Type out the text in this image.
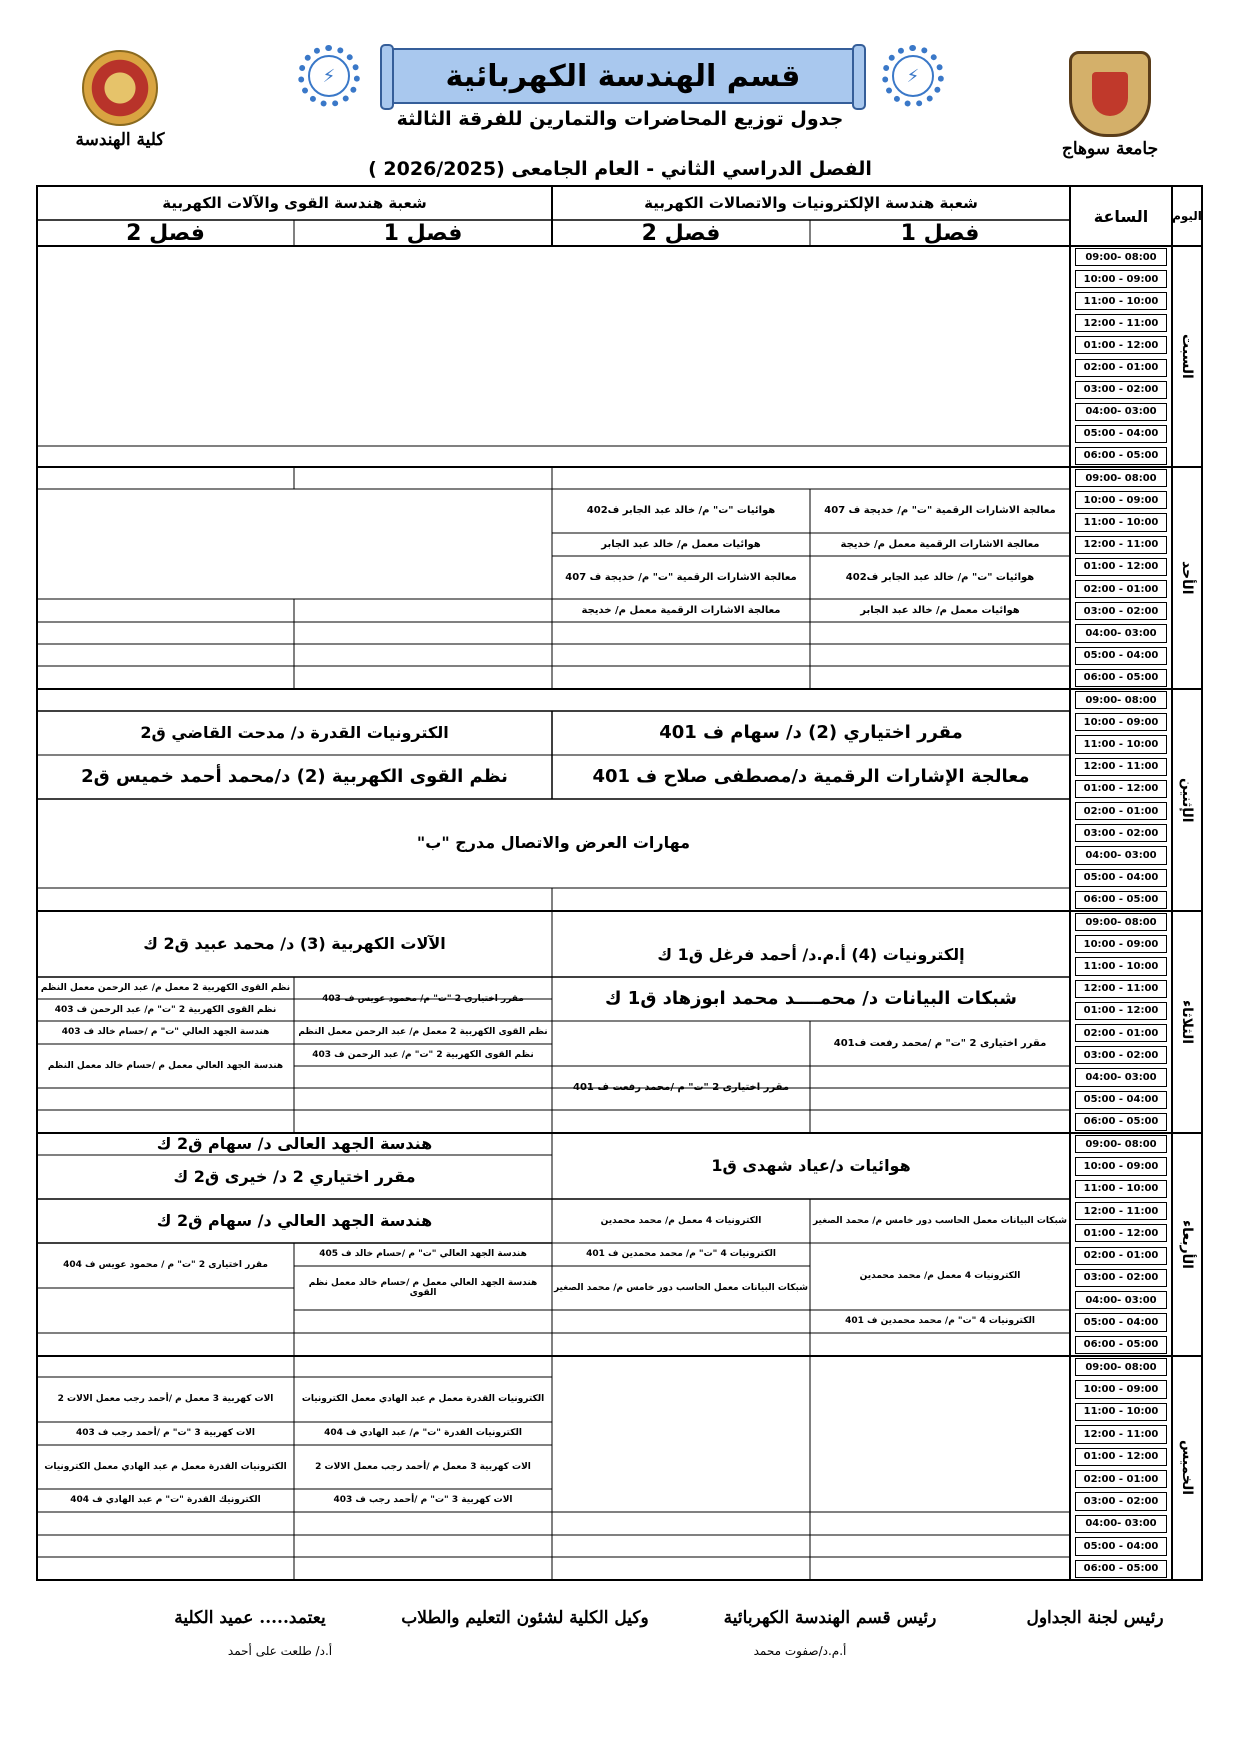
كلية الهندسة
⚡	قسم الهندسة الكهربائية	⚡
جامعة سوهاج
جدول توزيع المحاضرات والتمارين للفرقة الثالثة
الفصل الدراسي الثاني - العام الجامعى (2026/2025 )
اليوم
الساعة
شعبة هندسة الإلكترونيات والاتصالات الكهربية
شعبة هندسة القوى والآلات الكهربية
فصل 1
فصل 2
فصل 1
فصل 2
السبت
الأحد
الإثنين
الثلاثاء
الأربعاء
الخميس
09:00- 08:00
10:00 - 09:00
11:00 - 10:00
12:00 - 11:00
01:00 - 12:00
02:00 - 01:00
03:00 - 02:00
04:00- 03:00
05:00 - 04:00
06:00 - 05:00
09:00- 08:00
10:00 - 09:00
11:00 - 10:00
12:00 - 11:00
01:00 - 12:00
02:00 - 01:00
03:00 - 02:00
04:00- 03:00
05:00 - 04:00
06:00 - 05:00
09:00- 08:00
10:00 - 09:00
11:00 - 10:00
12:00 - 11:00
01:00 - 12:00
02:00 - 01:00
03:00 - 02:00
04:00- 03:00
05:00 - 04:00
06:00 - 05:00
09:00- 08:00
10:00 - 09:00
11:00 - 10:00
12:00 - 11:00
01:00 - 12:00
02:00 - 01:00
03:00 - 02:00
04:00- 03:00
05:00 - 04:00
06:00 - 05:00
09:00- 08:00
10:00 - 09:00
11:00 - 10:00
12:00 - 11:00
01:00 - 12:00
02:00 - 01:00
03:00 - 02:00
04:00- 03:00
05:00 - 04:00
06:00 - 05:00
09:00- 08:00
10:00 - 09:00
11:00 - 10:00
12:00 - 11:00
01:00 - 12:00
02:00 - 01:00
03:00 - 02:00
04:00- 03:00
05:00 - 04:00
06:00 - 05:00
معالجة الاشارات الرقمية "ت" م/ خديجة ف 407
معالجة الاشارات الرقمية معمل م/ خديجة
هوائيات "ت" م/ خالد عبد الجابر ف402
هوائيات معمل م/ خالد عبد الجابر
هوائيات "ت" م/ خالد عبد الجابر ف402
هوائيات معمل م/ خالد عبد الجابر
معالجة الاشارات الرقمية "ت" م/ خديجة ف 407
معالجة الاشارات الرقمية معمل م/ خديجة
مقرر اختياري (2) د/ سهام ف 401
معالجة الإشارات الرقمية د/مصطفى صلاح ف 401
الكترونيات القدرة د/ مدحت القاضي ق2
نظم القوى الكهربية (2) د/محمد أحمد خميس ق2
مهارات العرض والاتصال مدرج "ب"
إلكترونيات (4) أ.م.د/ أحمد فرغل ق1 ك
شبكات البيانات د/ محمــــد محمد ابوزهاد ق1 ك
مقرر اختيارى 2 "ت" م /محمد رفعت ف401
مقرر اختيارى 2 "ت" م /محمد رفعت ف 401
الآلات الكهربية (3) د/ محمد عبيد ق2 ك
مقرر اختيارى 2 "ت" م/ محمود عويس ف 403
نظم القوى الكهربية 2 معمل م/ عبد الرحمن معمل النظم
نظم القوى الكهربية 2 "ت" م/ عبد الرحمن ف 403
نظم القوى الكهربية 2 معمل م/ عبد الرحمن معمل النظم
نظم القوى الكهربية 2 "ت" م/ عبد الرحمن ف 403
هندسة الجهد العالي "ت" م /حسام خالد ف 403
هندسة الجهد العالي معمل م /حسام خالد معمل النظم
هندسة الجهد العالى د/ سهام ق2 ك
مقرر اختياري 2 د/ خيرى ق2 ك
هندسة الجهد العالي د/ سهام ق2 ك
هندسة الجهد العالي "ت" م /حسام خالد ف 405
هندسة الجهد العالي معمل م /حسام خالد معمل نظم القوى
مقرر اختيارى 2 "ت" م / محمود عويس ف 404
هوائيات د/عياد شهدى ق1
شبكات البيانات معمل الحاسب دور خامس م/ محمد الصغير
الكترونيات 4 معمل م/ محمد محمدين
الكترونيات 4 "ت" م/ محمد محمدين ف 401
الكترونيات 4 معمل م/ محمد محمدين
الكترونيات 4 "ت" م/ محمد محمدين ف 401
شبكات البيانات معمل الحاسب دور خامس م/ محمد الصغير
الكترونيات القدرة معمل م عبد الهادي معمل الكترونيات
الكترونيات القدرة "ت" م/ عبد الهادي ف 404
الات كهربية 3 معمل م /أحمد رجب معمل الالات 2
الات كهربية 3 "ت" م /أحمد رجب ف 403
الات كهربية 3 معمل م /أحمد رجب معمل الالات 2
الات كهربية 3 "ت" م /أحمد رجب ف 403
الكترونيات القدرة معمل م عبد الهادي معمل الكترونيات
الكترونيك القدرة "ت" م عبد الهادي ف 404
رئيس لجنة الجداول
رئيس قسم الهندسة الكهربائية
أ.م.د/صفوت محمد
وكيل الكلية لشئون التعليم والطلاب
يعتمد..... عميد الكلية
أ.د/ طلعت على أحمد
